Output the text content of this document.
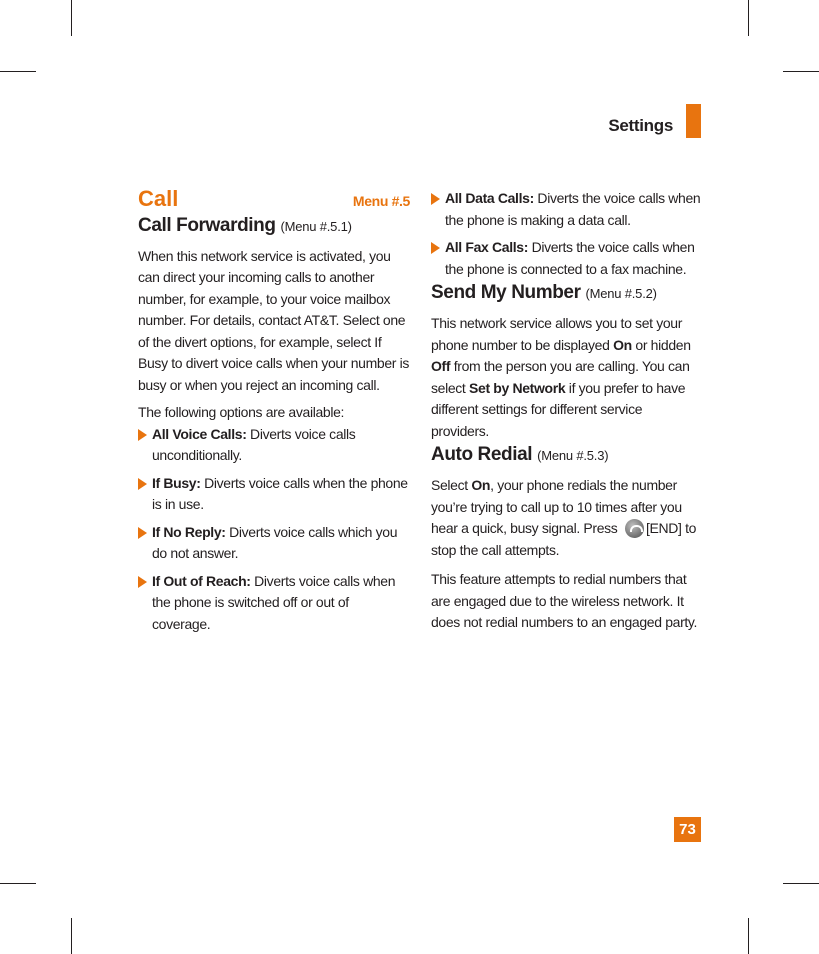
Settings
Call	Menu #.5
Call Forwarding (Menu #.5.1)

When this network service is activated, you can direct your incoming calls to another number, for example, to your voice mailbox number. For details, contact AT&T. Select one of the divert options, for example, select If Busy to divert voice calls when your number is busy or when you reject an incoming call.

The following options are available:

All Voice Calls: Diverts voice calls unconditionally.
If Busy: Diverts voice calls when the phone is in use.
If No Reply: Diverts voice calls which you do not answer.
If Out of Reach: Diverts voice calls when the phone is switched off or out of coverage.
All Data Calls: Diverts the voice calls when the phone is making a data call.
All Fax Calls: Diverts the voice calls when the phone is connected to a fax machine.
Send My Number (Menu #.5.2)

This network service allows you to set your phone number to be displayed On or hidden Off from the person you are calling. You can select Set by Network if you prefer to have different settings for different service providers.

Auto Redial (Menu #.5.3)

Select On, your phone redials the number you’re trying to call up to 10 times after you hear a quick, busy signal. Press [END] to stop the call attempts.

This feature attempts to redial numbers that are engaged due to the wireless network. It does not redial numbers to an engaged party.

73
